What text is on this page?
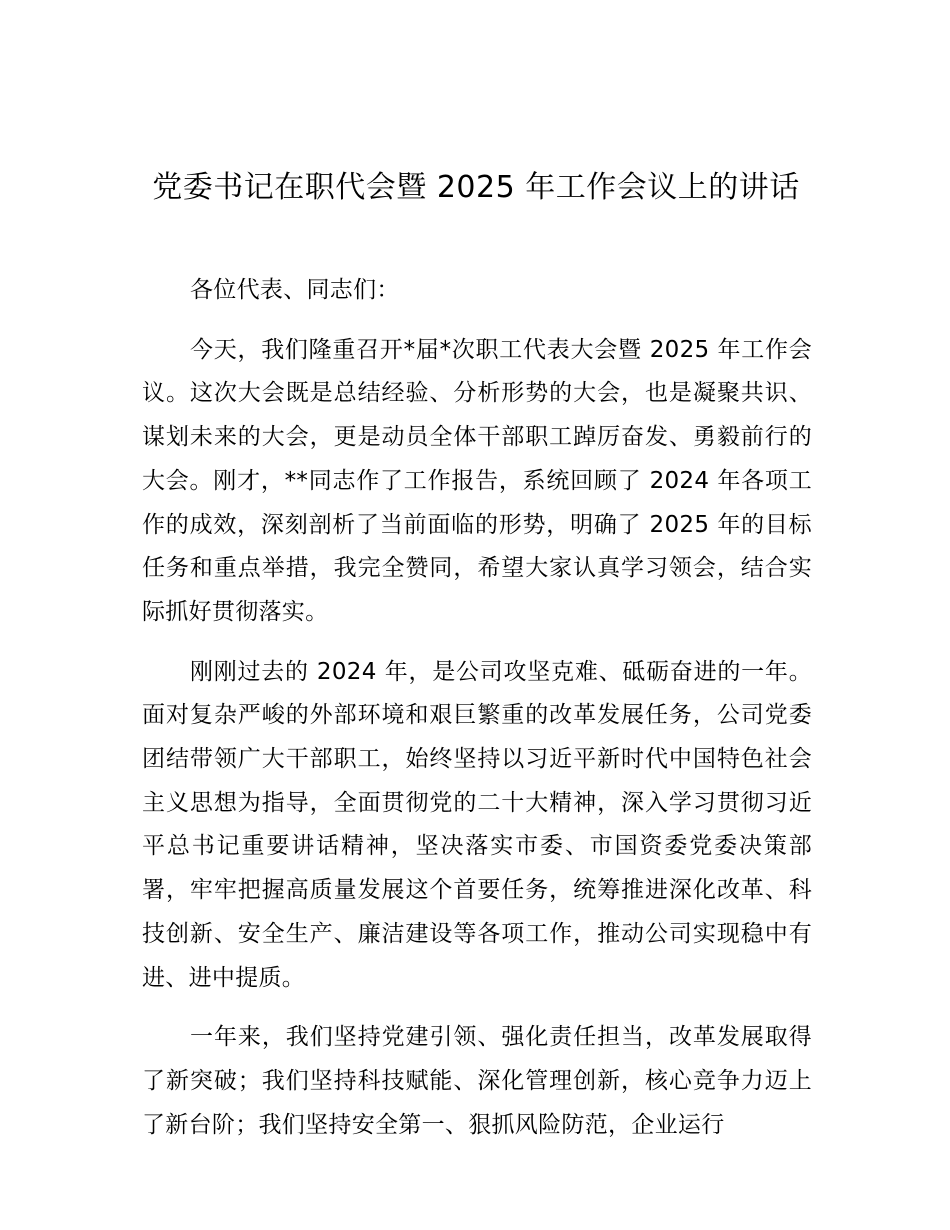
党委书记在职代会暨 2025 年工作会议上的讲话

各位代表、同志们：

今天，我们隆重召开*届*次职工代表大会暨 2025 年工作会议。这次大会既是总结经验、分析形势的大会，也是凝聚共识、谋划未来的大会，更是动员全体干部职工踔厉奋发、勇毅前行的大会。刚才，**同志作了工作报告，系统回顾了 2024 年各项工作的成效，深刻剖析了当前面临的形势，明确了 2025 年的目标任务和重点举措，我完全赞同，希望大家认真学习领会，结合实际抓好贯彻落实。

刚刚过去的 2024 年，是公司攻坚克难、砥砺奋进的一年。面对复杂严峻的外部环境和艰巨繁重的改革发展任务，公司党委团结带领广大干部职工，始终坚持以习近平新时代中国特色社会主义思想为指导，全面贯彻党的二十大精神，深入学习贯彻习近平总书记重要讲话精神，坚决落实市委、市国资委党委决策部署，牢牢把握高质量发展这个首要任务，统筹推进深化改革、科技创新、安全生产、廉洁建设等各项工作，推动公司实现稳中有进、进中提质。

一年来，我们坚持党建引领、强化责任担当，改革发展取得了新突破；我们坚持科技赋能、深化管理创新，核心竞争力迈上了新台阶；我们坚持安全第一、狠抓风险防范，企业运行
